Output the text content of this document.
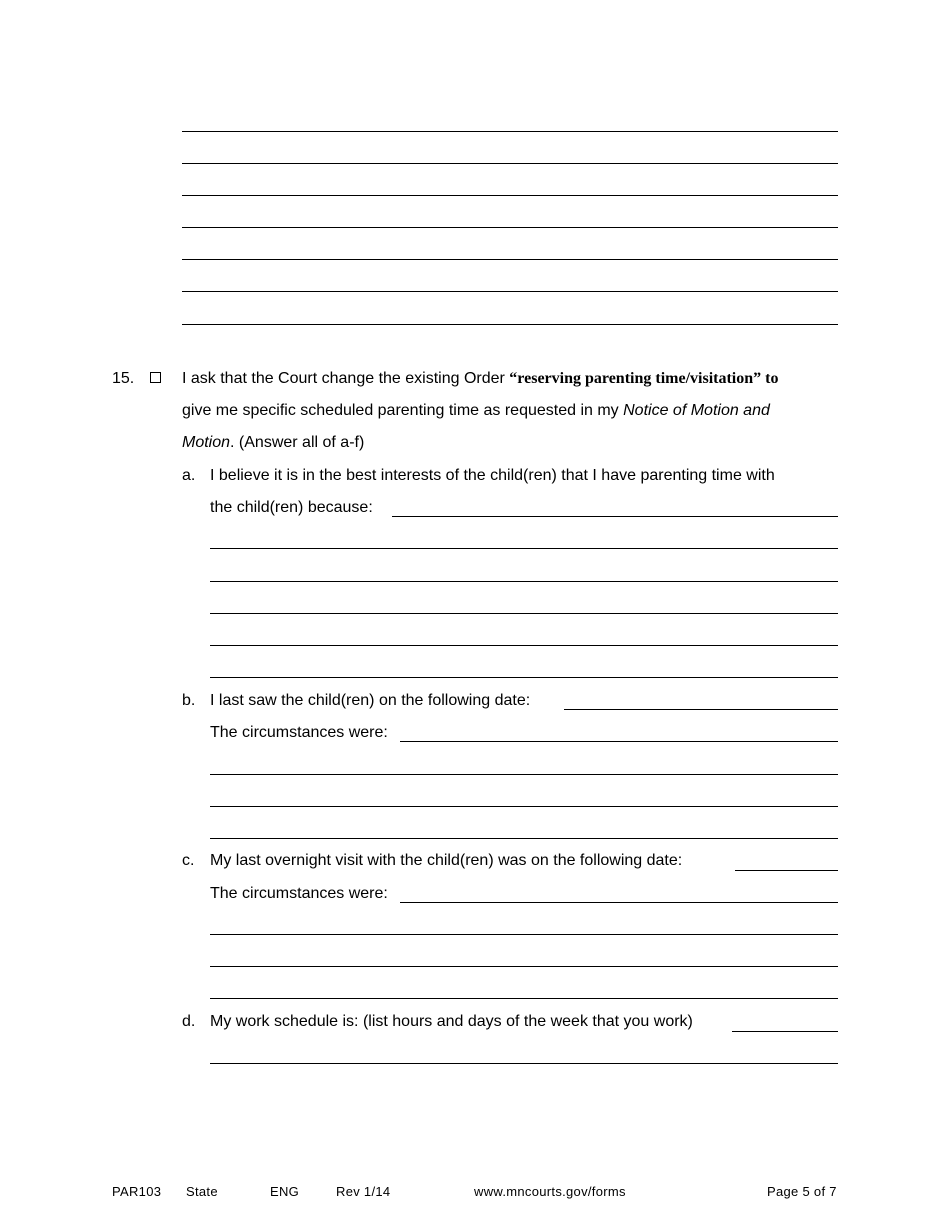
15.	I ask that the Court change the existing Order “reserving parenting time/visitation” to
give me specific scheduled parenting time as requested in my Notice of Motion and
Motion. (Answer all of a-f)
a. I believe it is in the best interests of the child(ren) that I have parenting time with
the child(ren) because:
b. I last saw the child(ren) on the following date:
The circumstances were:
c. My last overnight visit with the child(ren) was on the following date:
The circumstances were:
d. My work schedule is: (list hours and days of the week that you work)
PAR103 State	ENG	Rev 1/14	www.mncourts.gov/forms	Page 5 of 7
